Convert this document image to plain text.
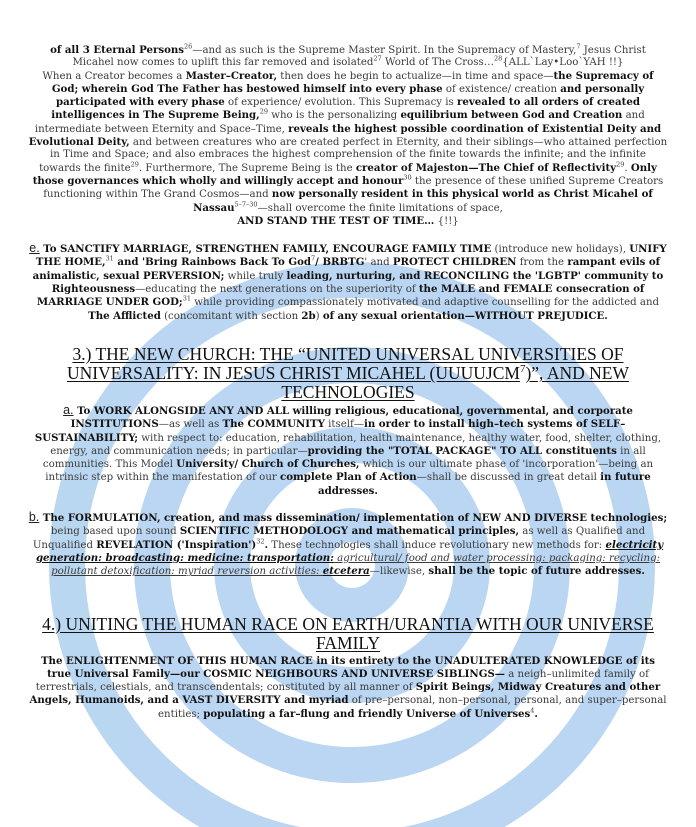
of all 3 Eternal Persons$^{26}$—and as such is the Supreme Master Spirit. In the Supremacy of Mastery,$^7$ Jesus Christ Micahel now comes to uplift this far removed and isolated$^{27}$ World of The Cross…$^{28}${ALL`Lay•Loo`YAH !!}
When a Creator becomes a Master–Creator, then does he begin to actualize—in time and space—the Supremacy of God; wherein God The Father has bestowed himself into every phase of existence/ creation and personally participated with every phase of experience/ evolution. This Supremacy is revealed to all orders of created intelligences in The Supreme Being,$^{29}$ who is the personalizing equilibrium between God and Creation and intermediate between Eternity and Space–Time, reveals the highest possible coordination of Existential Deity and Evolutional Deity, and between creatures who are created perfect in Eternity, and their siblings—who attained perfection in Time and Space; and also embraces the highest comprehension of the finite towards the infinite; and the infinite towards the finite$^{29}$. Furthermore, The Supreme Being is the creator of Majeston—The Chief of Reflectivity$^{29}$. Only those governances which wholly and willingly accept and honour$^{30}$ the presence of these unified Supreme Creators functioning within The Grand Cosmos—and now personally resident in this physical world as Christ Micahel of Nassau$^{5-7-30}$—shall overcome the finite limitations of space,
AND STAND THE TEST OF TIME… {!!}

e. To SANCTIFY MARRIAGE, STRENGTHEN FAMILY, ENCOURAGE FAMILY TIME (introduce new holidays), UNIFY THE HOME,$^{31}$ and 'Bring Rainbows Back To God$^7$/ BRBTG' and PROTECT CHILDREN from the rampant evils of animalistic, sexual PERVERSION; while truly leading, nurturing, and RECONCILING the 'LGBTP' community to Righteousness—educating the next generations on the superiority of the MALE and FEMALE consecration of MARRIAGE UNDER GOD;$^{31}$ while providing compassionately motivated and adaptive counselling for the addicted and The Afflicted (concomitant with section 2b) of any sexual orientation—WITHOUT PREJUDICE.

3.) THE NEW CHURCH: THE “UNITED UNIVERSAL UNIVERSITIES OF UNIVERSALITY: IN JESUS CHRIST MICAHEL (UUUUJCM$^7$)”, AND NEW TECHNOLOGIES

a. To WORK ALONGSIDE ANY AND ALL willing religious, educational, governmental, and corporate INSTITUTIONS—as well as The COMMUNITY itself—in order to install high–tech systems of SELF–SUSTAINABILITY; with respect to: education, rehabilitation, health maintenance, healthy water, food, shelter, clothing, energy, and communication needs; in particular—providing the "TOTAL PACKAGE" TO ALL constituents in all communities. This Model University/ Church of Churches, which is our ultimate phase of 'incorporation'—being an intrinsic step within the manifestation of our complete Plan of Action—shall be discussed in great detail in future addresses.

b. The FORMULATION, creation, and mass dissemination/ implementation of NEW AND DIVERSE technologies; being based upon sound SCIENTIFIC METHODOLOGY and mathematical principles, as well as Qualified and Unqualified REVELATION ('Inspiration')$^{32}$. These technologies shall induce revolutionary new methods for: electricity generation: broadcasting: medicine: transportation: agricultural/ food and water processing: packaging: recycling: pollutant detoxification: myriad reversion activities: etcetera—likewise, shall be the topic of future addresses.

4.) UNITING THE HUMAN RACE ON EARTH/URANTIA WITH OUR UNIVERSE FAMILY

The ENLIGHTENMENT OF THIS HUMAN RACE in its entirety to the UNADULTERATED KNOWLEDGE of its true Universal Family—our COSMIC NEIGHBOURS AND UNIVERSE SIBLINGS— a neigh–unlimited family of terrestrials, celestials, and transcendentals; constituted by all manner of Spirit Beings, Midway Creatures and other Angels, Humanoids, and a VAST DIVERSITY and myriad of pre–personal, non–personal, personal, and super–personal entities; populating a far–flung and friendly Universe of Universes$^4$.
